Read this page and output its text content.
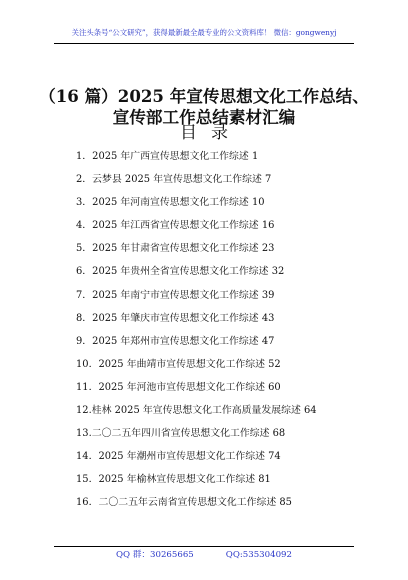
关注头条号“公文研究”，获得最新最全最专业的公文资料库！ 微信：gongwenyj
（16 篇）2025 年宣传思想文化工作总结、
宣传部工作总结素材汇编
目录
1．2025 年广西宣传思想文化工作综述 1
2．云梦县 2025 年宣传思想文化工作综述 7
3．2025 年河南宣传思想文化工作综述 10
4．2025 年江西省宣传思想文化工作综述 16
5．2025 年甘肃省宣传思想文化工作综述 23
6．2025 年贵州全省宣传思想文化工作综述 32
7．2025 年南宁市宣传思想文化工作综述 39
8．2025 年肇庆市宣传思想文化工作综述 43
9．2025 年郑州市宣传思想文化工作综述 47
10．2025 年曲靖市宣传思想文化工作综述 52
11．2025 年河池市宣传思想文化工作综述 60
12.桂林 2025 年宣传思想文化工作高质量发展综述 64
13.二〇二五年四川省宣传思想文化工作综述 68
14．2025 年潮州市宣传思想文化工作综述 74
15．2025 年榆林宣传思想文化工作综述 81
16．二〇二五年云南省宣传思想文化工作综述 85
QQ 群：30265665	QQ:535304092
